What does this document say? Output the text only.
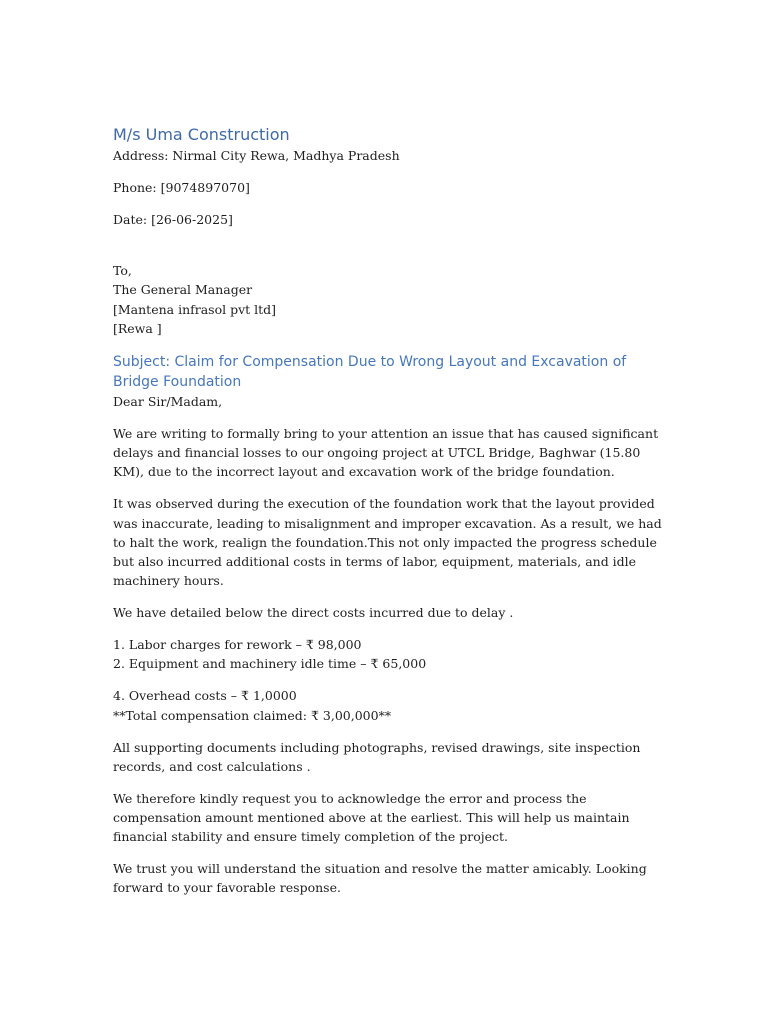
M/s Uma Construction

Address: Nirmal City Rewa, Madhya Pradesh

Phone: [9074897070]

Date: [26-06-2025]

To,

The General Manager

[Mantena infrasol pvt ltd]

[Rewa ]

Subject: Claim for Compensation Due to Wrong Layout and Excavation of Bridge Foundation

Dear Sir/Madam,

We are writing to formally bring to your attention an issue that has caused significant delays and financial losses to our ongoing project at UTCL Bridge, Baghwar (15.80 KM), due to the incorrect layout and excavation work of the bridge foundation.

It was observed during the execution of the foundation work that the layout provided was inaccurate, leading to misalignment and improper excavation. As a result, we had to halt the work, realign the foundation.This not only impacted the progress schedule but also incurred additional costs in terms of labor, equipment, materials, and idle machinery hours.

We have detailed below the direct costs incurred due to delay .

1. Labor charges for rework – ₹ 98,000

2. Equipment and machinery idle time – ₹ 65,000

4. Overhead costs – ₹ 1,0000

**Total compensation claimed: ₹ 3,00,000**

All supporting documents including photographs, revised drawings, site inspection records, and cost calculations .

We therefore kindly request you to acknowledge the error and process the compensation amount mentioned above at the earliest. This will help us maintain financial stability and ensure timely completion of the project.

We trust you will understand the situation and resolve the matter amicably. Looking forward to your favorable response.
